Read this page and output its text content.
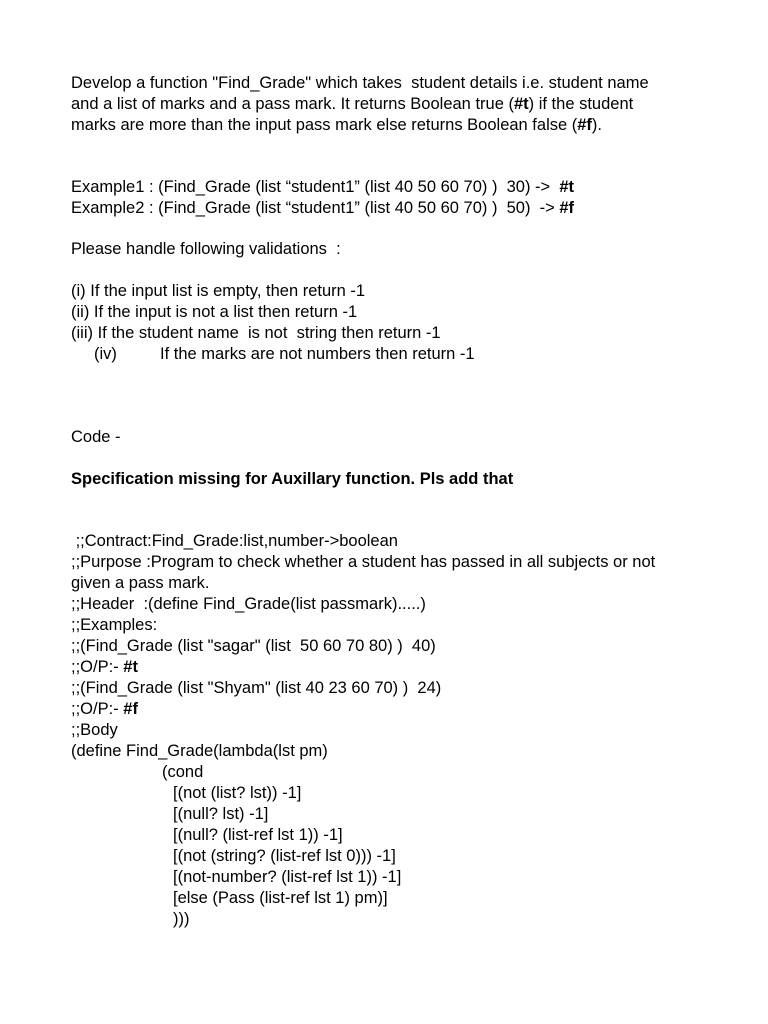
Develop a function "Find_Grade" which takes  student details i.e. student name
and a list of marks and a pass mark. It returns Boolean true (#t) if the student
marks are more than the input pass mark else returns Boolean false (#f).
Example1 : (Find_Grade (list “student1” (list 40 50 60 70) )  30) ->  #t
Example2 : (Find_Grade (list “student1” (list 40 50 60 70) )  50)  -> #f
Please handle following validations  :
(i) If the input list is empty, then return -1
(ii) If the input is not a list then return -1
(iii) If the student name  is not  string then return -1
(iv)	If the marks are not numbers then return -1
Code -
Specification missing for Auxillary function. Pls add that
;;Contract:Find_Grade:list,number->boolean
;;Purpose :Program to check whether a student has passed in all subjects or not
given a pass mark.
;;Header  :(define Find_Grade(list passmark).....)
;;Examples:
;;(Find_Grade (list "sagar" (list  50 60 70 80) )  40)
;;O/P:- #t
;;(Find_Grade (list "Shyam" (list 40 23 60 70) )  24)
;;O/P:- #f
;;Body
(define Find_Grade(lambda(lst pm)
(cond
[(not (list? lst)) -1]
[(null? lst) -1]
[(null? (list-ref lst 1)) -1]
[(not (string? (list-ref lst 0))) -1]
[(not-number? (list-ref lst 1)) -1]
[else (Pass (list-ref lst 1) pm)]
)))
